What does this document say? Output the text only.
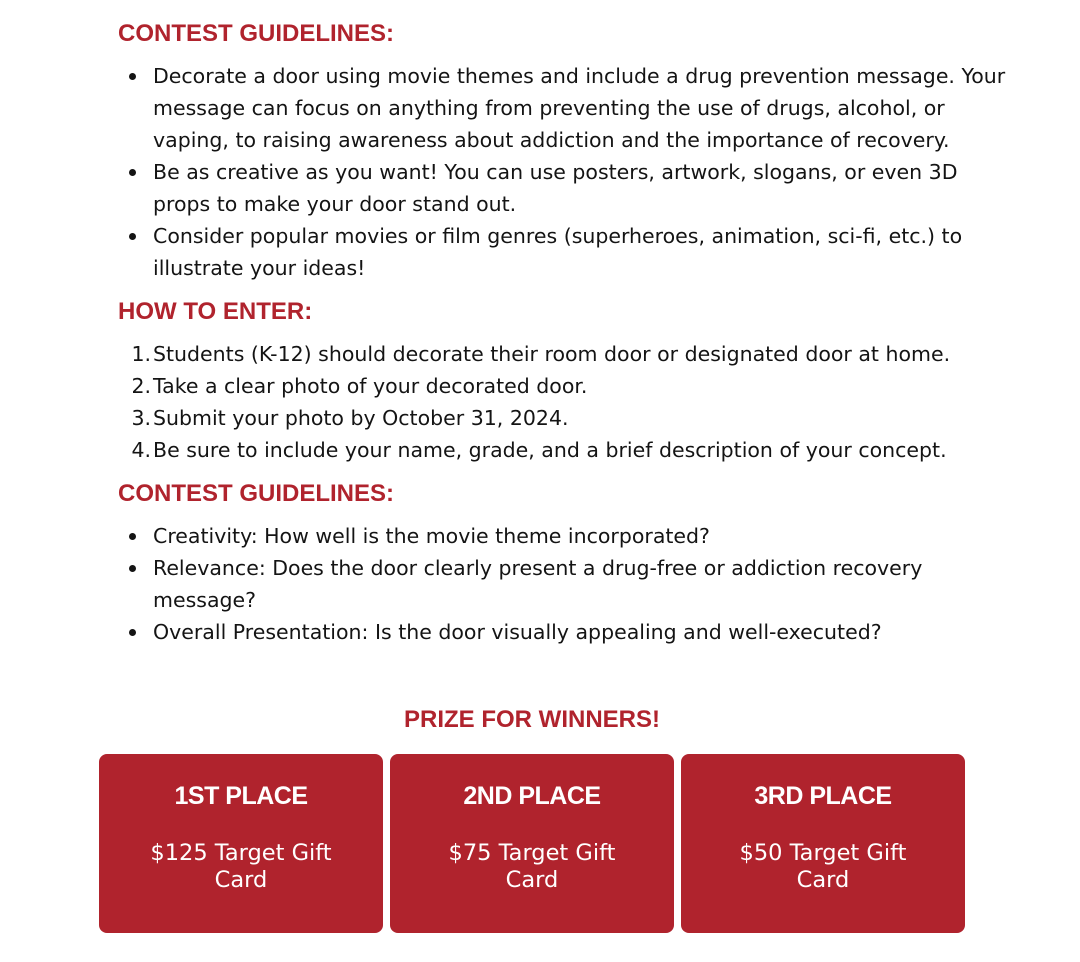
CONTEST GUIDELINES:
Decorate a door using movie themes and include a drug prevention message. Your message can focus on anything from preventing the use of drugs, alcohol, or vaping, to raising awareness about addiction and the importance of recovery.
Be as creative as you want! You can use posters, artwork, slogans, or even 3D props to make your door stand out.
Consider popular movies or film genres (superheroes, animation, sci-fi, etc.) to illustrate your ideas!
HOW TO ENTER:
1. Students (K-12) should decorate their room door or designated door at home.
2. Take a clear photo of your decorated door.
3. Submit your photo by October 31, 2024.
4. Be sure to include your name, grade, and a brief description of your concept.
CONTEST GUIDELINES:
Creativity: How well is the movie theme incorporated?
Relevance: Does the door clearly present a drug-free or addiction recovery message?
Overall Presentation: Is the door visually appealing and well-executed?
PRIZE FOR WINNERS!
1ST PLACE
$125 Target Gift Card
2ND PLACE
$75 Target Gift Card
3RD PLACE
$50 Target Gift Card
